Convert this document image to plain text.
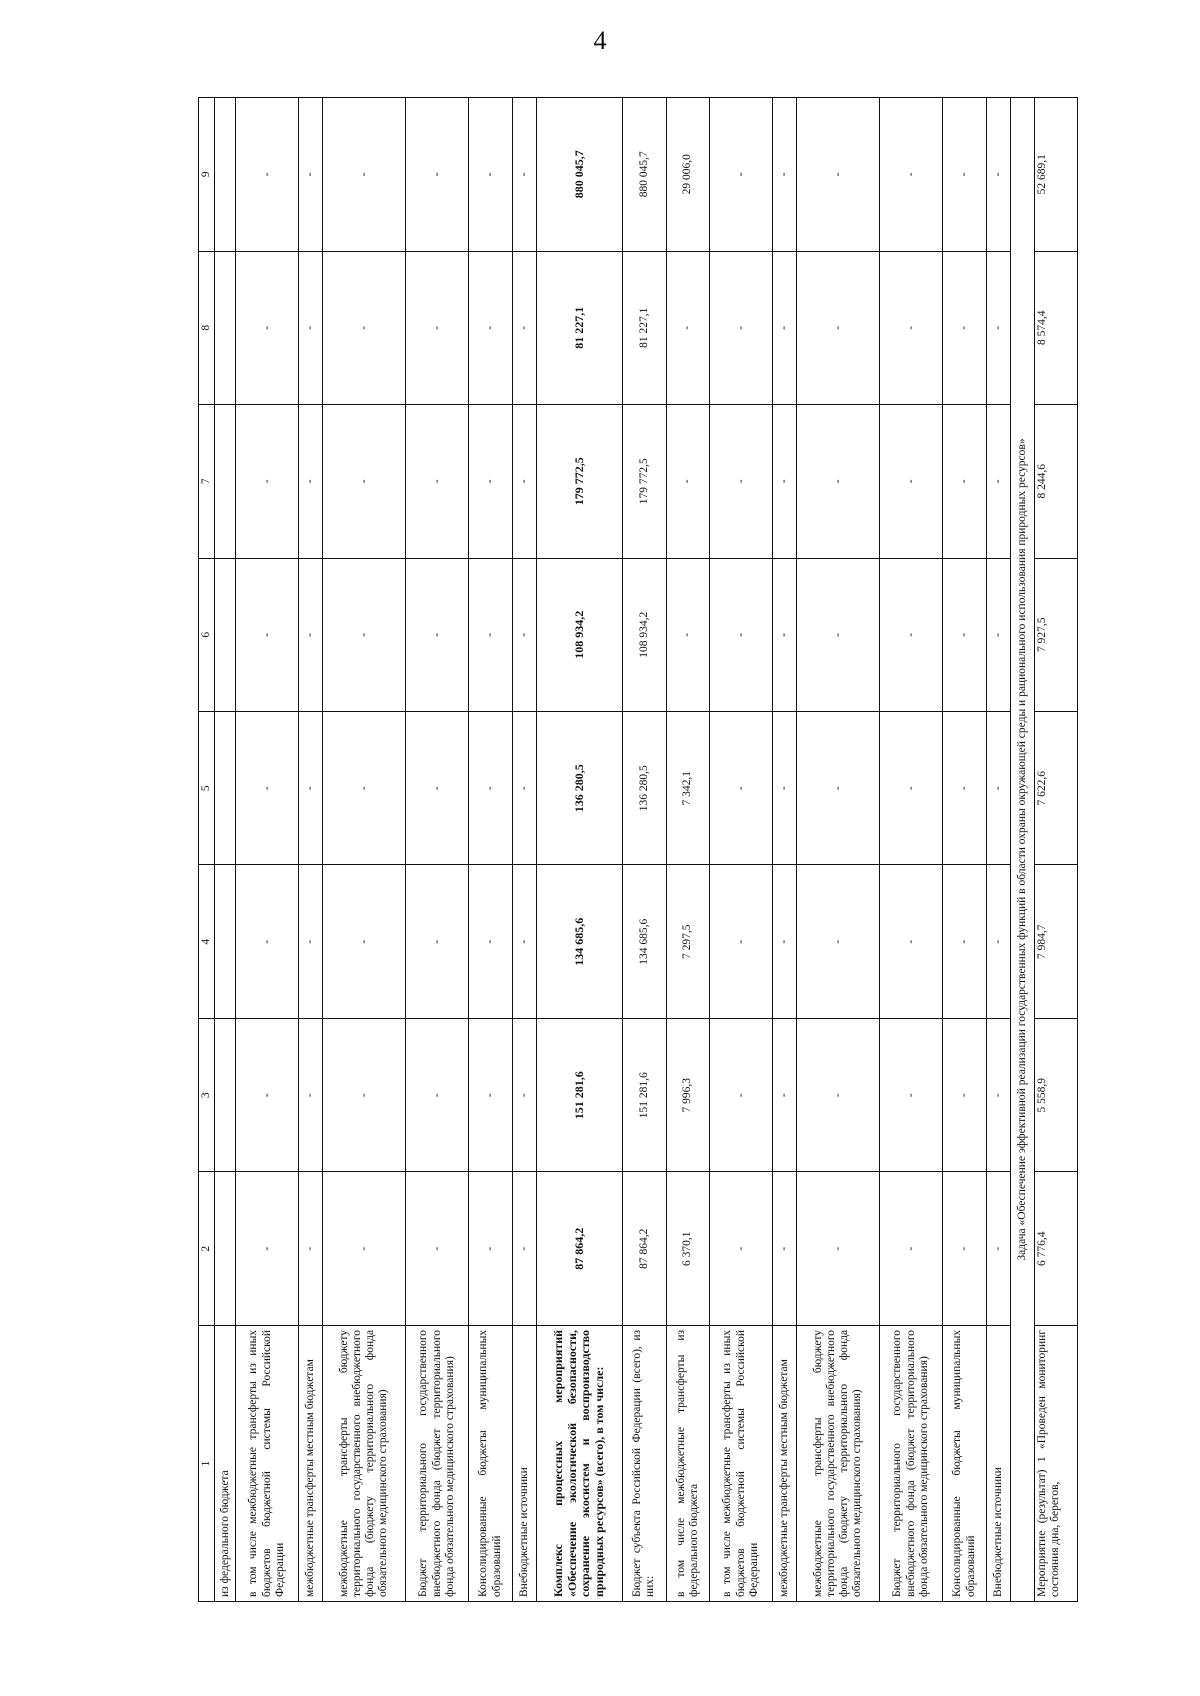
4
1	2	3	4	5	6	7	8	9
из федерального бюджета								
в том числе межбюджетные трансферты из иных бюджетов бюджетной системы Российской Федерации	-	-	-	-	-	-	-	-
межбюджетные трансферты местным бюджетам	-	-	-	-	-	-	-	-
межбюджетные трансферты бюджету территориального государственного внебюджетного фонда (бюджету территориального фонда обязательного медицинского страхования)	-	-	-	-	-	-	-	-
Бюджет территориального государственного внебюджетного фонда (бюджет территориального фонда обязательного медицинского страхования)	-	-	-	-	-	-	-	-
Консолидированные бюджеты муниципальных образований	-	-	-	-	-	-	-	-
Внебюджетные источники	-	-	-	-	-	-	-	-
Комплекс процессных мероприятий «Обеспечение экологической безопасности, сохранение экосистем и воспроизводство природных ресурсов» (всего), в том числе:	87 864,2	151 281,6	134 685,6	136 280,5	108 934,2	179 772,5	81 227,1	880 045,7
Бюджет субъекта Российской Федерации (всего), из них:	87 864,2	151 281,6	134 685,6	136 280,5	108 934,2	179 772,5	81 227,1	880 045,7
в том числе межбюджетные трансферты из федерального бюджета	6 370,1	7 996,3	7 297,5	7 342,1	-	-	-	29 006,0
в том числе межбюджетные трансферты из иных бюджетов бюджетной системы Российской Федерации	-	-	-	-	-	-	-	-
межбюджетные трансферты местным бюджетам	-	-	-	-	-	-	-	-
межбюджетные трансферты бюджету территориального государственного внебюджетного фонда (бюджету территориального фонда обязательного медицинского страхования)	-	-	-	-	-	-	-	-
Бюджет территориального государственного внебюджетного фонда (бюджет территориального фонда обязательного медицинского страхования)	-	-	-	-	-	-	-	-
Консолидированные бюджеты муниципальных образований	-	-	-	-	-	-	-	-
Внебюджетные источники	-	-	-	-	-	-	-	-
Задача «Обеспечение эффективной реализации государственных функций в области охраны окружающей среды и рационального использования природных ресурсов»								
Мероприятие (результат) 1 «Проведен мониторинг состояния дна, берегов,	6 776,4	5 558,9	7 984,7	7 622,6	7 927,5	8 244,6	8 574,4	52 689,1
